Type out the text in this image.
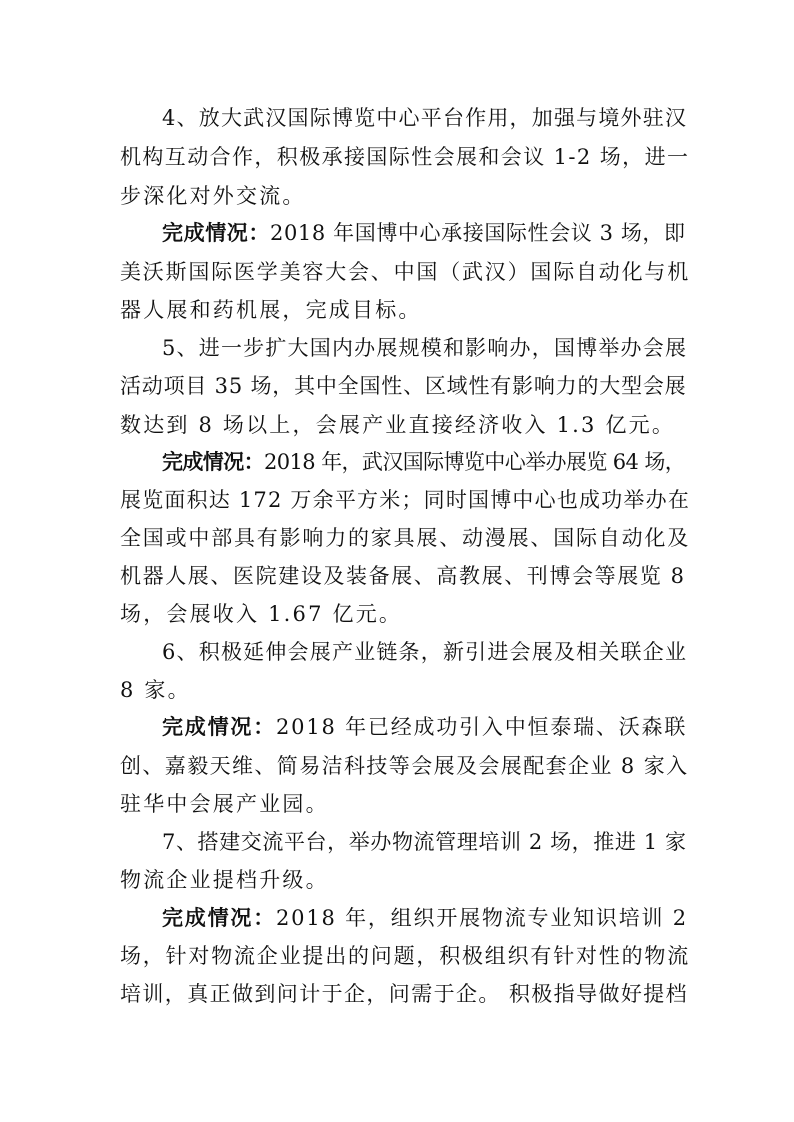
4、放大武汉国际博览中心平台作用，加强与境外驻汉
机构互动合作，积极承接国际性会展和会议 1-2 场，进一
步深化对外交流。
完成情况：2018 年国博中心承接国际性会议 3 场，即
美沃斯国际医学美容大会、中国（武汉）国际自动化与机
器人展和药机展，完成目标。
5、进一步扩大国内办展规模和影响办，国博举办会展
活动项目 35 场，其中全国性、区域性有影响力的大型会展
数达到 8 场以上，会展产业直接经济收入 1.3 亿元。
完成情况：2018 年，武汉国际博览中心举办展览 64 场，
展览面积达 172 万余平方米；同时国博中心也成功举办在
全国或中部具有影响力的家具展、动漫展、国际自动化及
机器人展、医院建设及装备展、高教展、刊博会等展览 8
场，会展收入 1.67 亿元。
6、积极延伸会展产业链条，新引进会展及相关联企业
8 家。
完成情况：2018 年已经成功引入中恒泰瑞、沃森联
创、嘉毅天维、简易洁科技等会展及会展配套企业 8 家入
驻华中会展产业园。
7、搭建交流平台，举办物流管理培训 2 场，推进 1 家
物流企业提档升级。
完成情况：2018 年，组织开展物流专业知识培训 2
场，针对物流企业提出的问题，积极组织有针对性的物流
培训，真正做到问计于企，问需于企。 积极指导做好提档
